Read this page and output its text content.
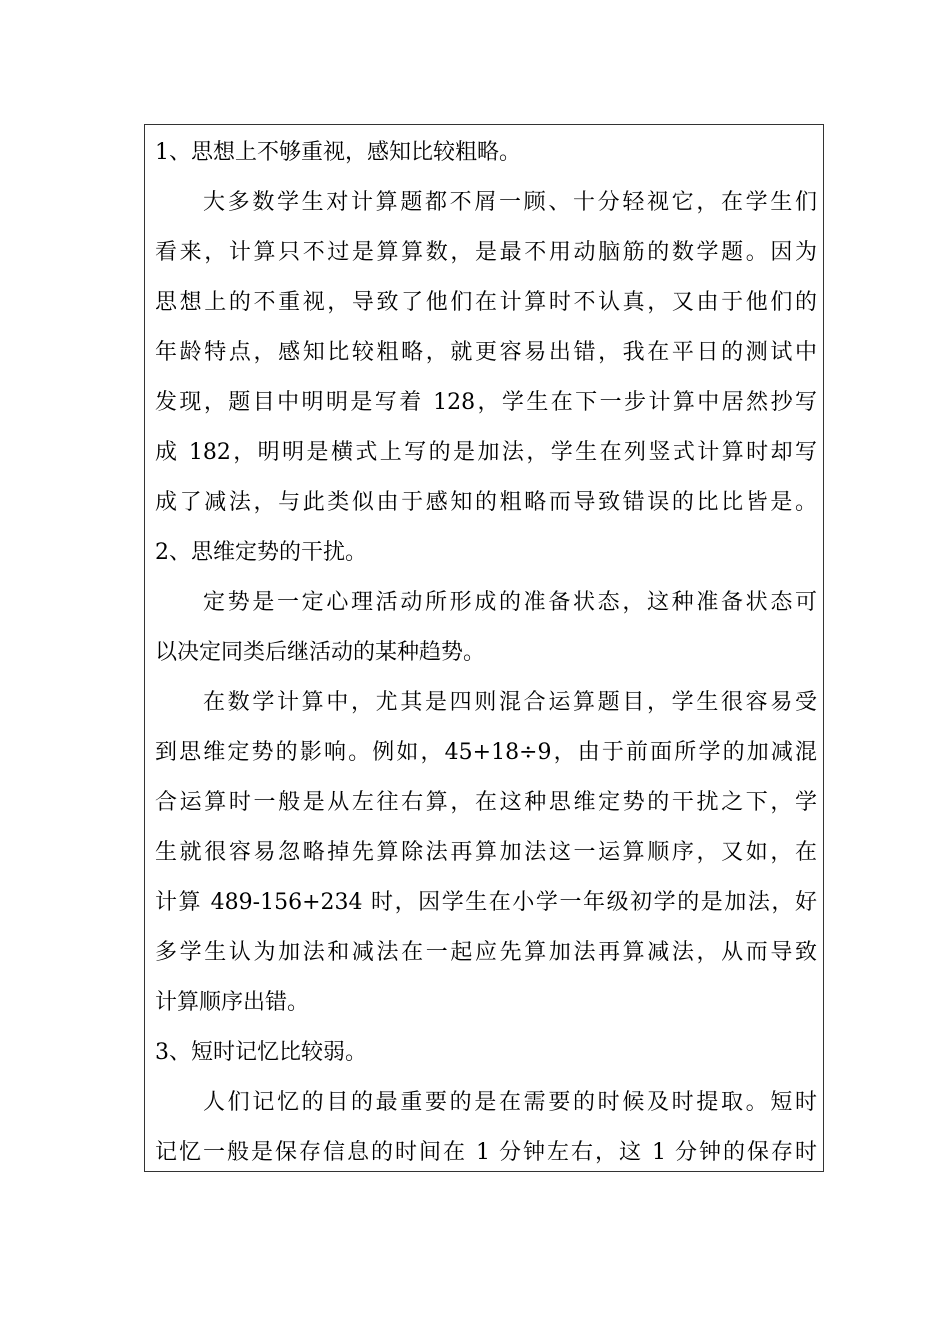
1、思想上不够重视，感知比较粗略。
大多数学生对计算题都不屑一顾、十分轻视它，在学生们
看来，计算只不过是算算数，是最不用动脑筋的数学题。因为
思想上的不重视，导致了他们在计算时不认真，又由于他们的
年龄特点，感知比较粗略，就更容易出错，我在平日的测试中
发现，题目中明明是写着 128，学生在下一步计算中居然抄写
成 182，明明是横式上写的是加法，学生在列竖式计算时却写
成了减法，与此类似由于感知的粗略而导致错误的比比皆是。
2、思维定势的干扰。
定势是一定心理活动所形成的准备状态，这种准备状态可
以决定同类后继活动的某种趋势。
在数学计算中，尤其是四则混合运算题目，学生很容易受
到思维定势的影响。例如，45+18÷9，由于前面所学的加减混
合运算时一般是从左往右算，在这种思维定势的干扰之下，学
生就很容易忽略掉先算除法再算加法这一运算顺序，又如，在
计算 489-156+234 时，因学生在小学一年级初学的是加法，好
多学生认为加法和减法在一起应先算加法再算减法，从而导致
计算顺序出错。
3、短时记忆比较弱。
人们记忆的目的最重要的是在需要的时候及时提取。短时
记忆一般是保存信息的时间在 1 分钟左右，这 1 分钟的保存时
